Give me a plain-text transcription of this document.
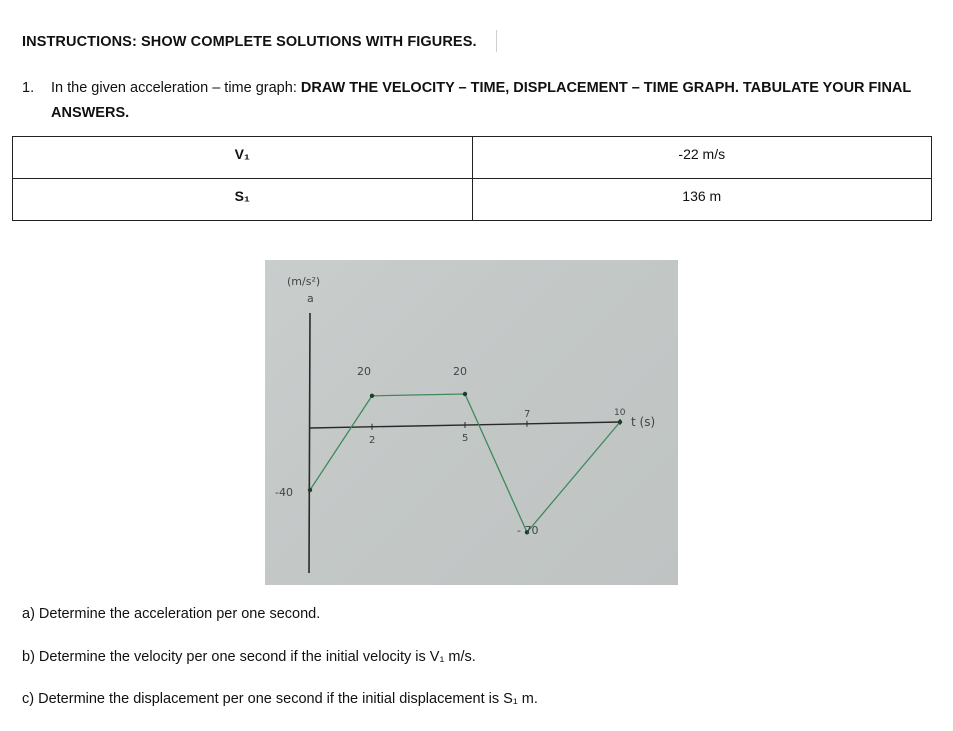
INSTRUCTIONS: SHOW COMPLETE SOLUTIONS WITH FIGURES.
1. In the given acceleration – time graph: DRAW THE VELOCITY – TIME, DISPLACEMENT – TIME GRAPH. TABULATE YOUR FINAL ANSWERS.
V₁	-22 m/s
S₁	136 m
(m/s²)
a
t (s)
2	5
7	10
20	20
-40
- 70
a) Determine the acceleration per one second.
b) Determine the velocity per one second if the initial velocity is V₁ m/s.
c) Determine the displacement per one second if the initial displacement is S₁ m.
